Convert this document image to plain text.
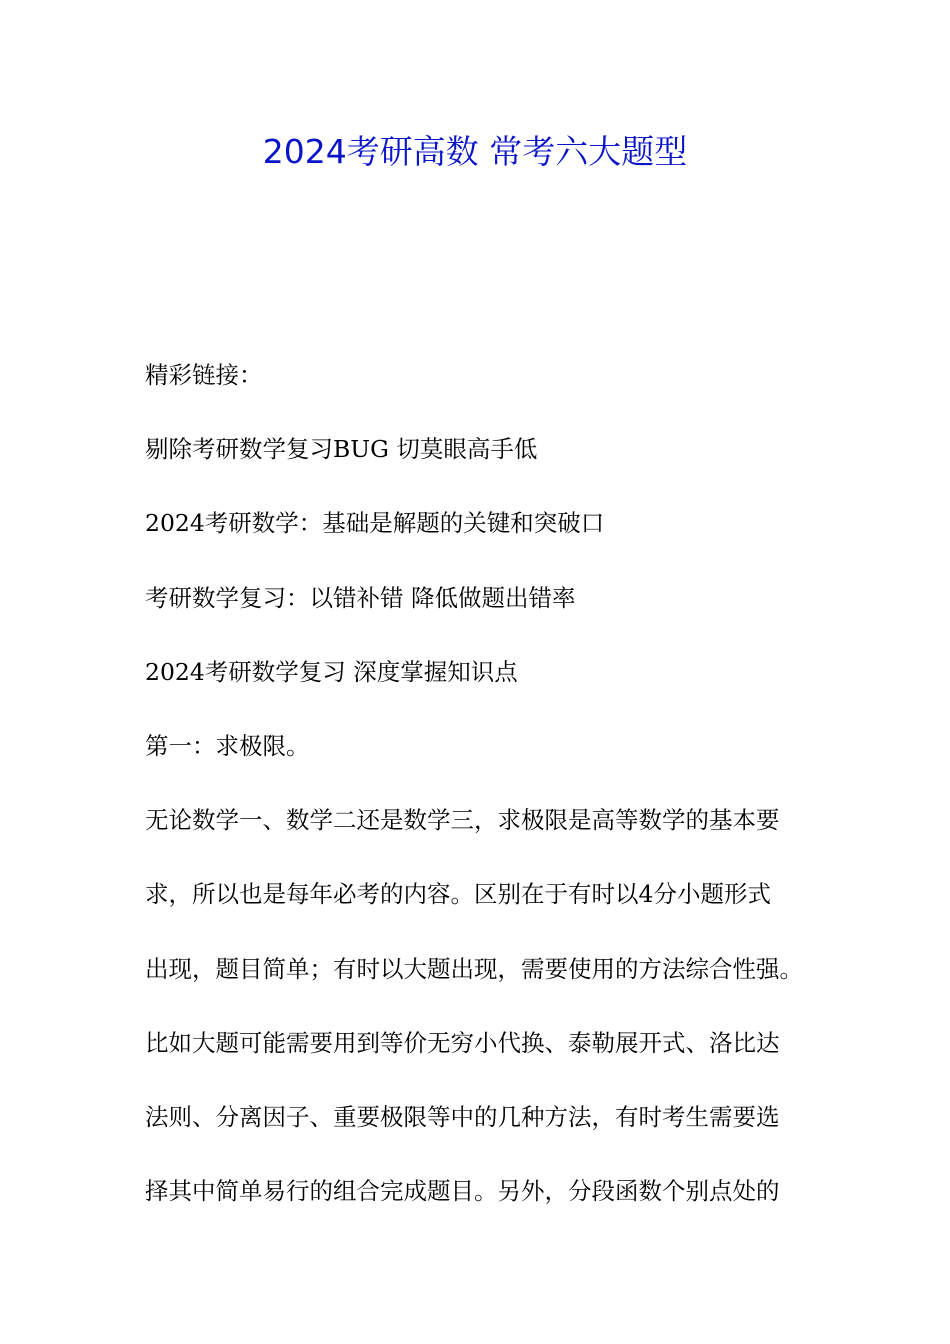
2024考研高数 常考六大题型

精彩链接：

剔除考研数学复习BUG 切莫眼高手低

2024考研数学：基础是解题的关键和突破口

考研数学复习：以错补错 降低做题出错率

2024考研数学复习 深度掌握知识点

第一：求极限。

无论数学一、数学二还是数学三，求极限是高等数学的基本要

求，所以也是每年必考的内容。区别在于有时以4分小题形式

出现，题目简单；有时以大题出现，需要使用的方法综合性强。

比如大题可能需要用到等价无穷小代换、泰勒展开式、洛比达

法则、分离因子、重要极限等中的几种方法，有时考生需要选

择其中简单易行的组合完成题目。另外，分段函数个别点处的
